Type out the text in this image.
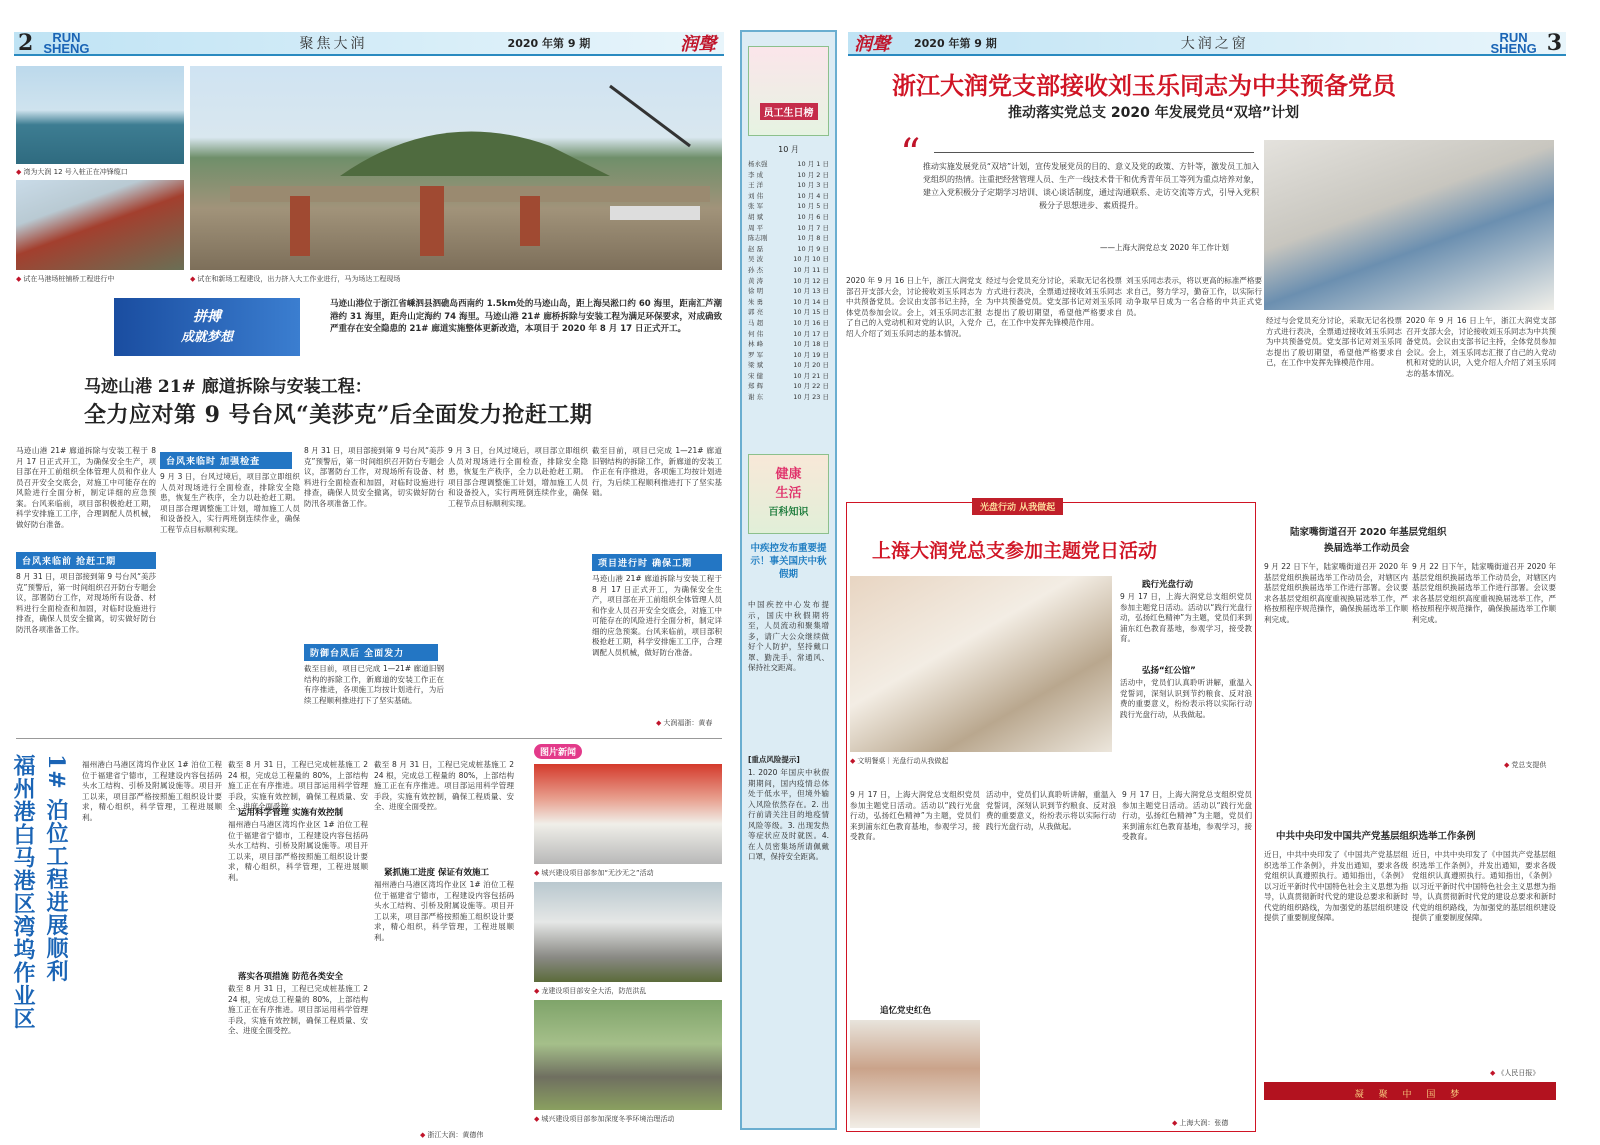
2	RUN
SHENG	聚焦大润	2020 年第 9 期	润聲
◆ 湾为大润 12 号入桩正在冲锋缆口
◆ 试在马港场桩铺桥工程进行中
◆	试在和新场工程建设，出力挤入大工作业进行，马为场达工程现场
拼搏
成就梦想
马迹山港位于浙江省嵊泗县泗礁岛西南约 1.5km处的马迹山岛，距上海吴淞口约 60 海里，距南汇芦潮港约 31 海里，距舟山定海约 74 海里。马迹山港 21# 廊桥拆除与安装工程为满足环保要求，对成确致严重存在安全隐患的 21# 廊道实施整体更新改造，本项目于 2020 年 8 月 17 日正式开工。
马迹山港 21# 廊道拆除与安装工程：
全力应对第 9 号台风“美莎克”后全面发力抢赶工期
马迹山港 21# 廊道拆除与安装工程于 8 月 17 日正式开工，为确保安全生产，项目部在开工前组织全体管理人员和作业人员召开安全交底会，对施工中可能存在的风险进行全面分析，制定详细的应急预案。台风来临前，项目部积极抢赶工期，科学安排施工工序，合理调配人员机械，做好防台准备。
台风来临前 抢赶工期
8 月 31 日，项目部接到第 9 号台风“美莎克”预警后，第一时间组织召开防台专题会议，部署防台工作，对现场所有设备、材料进行全面检查和加固，对临时设施进行排查，确保人员安全撤离，切实做好防台防汛各项准备工作。
台风来临时 加强检查
9 月 3 日，台风过境后，项目部立即组织人员对现场进行全面检查，排除安全隐患，恢复生产秩序，全力以赴抢赶工期。项目部合理调整施工计划，增加施工人员和设备投入，实行两班倒连续作业，确保工程节点目标顺利实现。
8 月 31 日，项目部接到第 9 号台风“美莎克”预警后，第一时间组织召开防台专题会议，部署防台工作，对现场所有设备、材料进行全面检查和加固，对临时设施进行排查，确保人员安全撤离，切实做好防台防汛各项准备工作。
防御台风后 全面发力
截至目前，项目已完成 1—21# 廊道旧钢结构的拆除工作，新廊道的安装工作正在有序推进，各项施工均按计划进行，为后续工程顺利推进打下了坚实基础。
9 月 3 日，台风过境后，项目部立即组织人员对现场进行全面检查，排除安全隐患，恢复生产秩序，全力以赴抢赶工期。项目部合理调整施工计划，增加施工人员和设备投入，实行两班倒连续作业，确保工程节点目标顺利实现。
截至目前，项目已完成 1—21# 廊道旧钢结构的拆除工作，新廊道的安装工作正在有序推进，各项施工均按计划进行，为后续工程顺利推进打下了坚实基础。
项目进行时 确保工期
马迹山港 21# 廊道拆除与安装工程于 8 月 17 日正式开工，为确保安全生产，项目部在开工前组织全体管理人员和作业人员召开安全交底会，对施工中可能存在的风险进行全面分析，制定详细的应急预案。台风来临前，项目部积极抢赶工期，科学安排施工工序，合理调配人员机械，做好防台准备。
◆ 大润福浙：黄春
1# 泊位工程进展顺利
福州港白马港区湾坞作业区	福州港白马港区湾坞作业区 1# 泊位工程位于福建省宁德市，工程建设内容包括码头水工结构、引桥及附属设施等。项目开工以来，项目部严格按照施工组织设计要求，精心组织，科学管理，工程进展顺利。
截至 8 月 31 日，工程已完成桩基施工 224 根，完成总工程量的 80%，上部结构施工正在有序推进。项目部运用科学管理手段，实施有效控制，确保工程质量、安全、进度全面受控。
运用科学管理 实施有效控制
福州港白马港区湾坞作业区 1# 泊位工程位于福建省宁德市，工程建设内容包括码头水工结构、引桥及附属设施等。项目开工以来，项目部严格按照施工组织设计要求，精心组织，科学管理，工程进展顺利。
落实各项措施 防范各类安全
截至 8 月 31 日，工程已完成桩基施工 224 根，完成总工程量的 80%，上部结构施工正在有序推进。项目部运用科学管理手段，实施有效控制，确保工程质量、安全、进度全面受控。
截至 8 月 31 日，工程已完成桩基施工 224 根，完成总工程量的 80%，上部结构施工正在有序推进。项目部运用科学管理手段，实施有效控制，确保工程质量、安全、进度全面受控。
紧抓施工进度 保证有效施工
福州港白马港区湾坞作业区 1# 泊位工程位于福建省宁德市，工程建设内容包括码头水工结构、引桥及附属设施等。项目开工以来，项目部严格按照施工组织设计要求，精心组织，科学管理，工程进展顺利。
◆ 浙江大润：黄德伟
图片新闻
◆ 城兴建设项目部参加“无沙无之”活动
◆ 龙建设项目部安全大活，防范洪乱
◆ 城兴建设项目部参加深度冬季环境治理活动
员工生日榜
10 月
杨永强	10 月 1 日
李 成	10 月 2 日
王 洋	10 月 3 日
刘 伟	10 月 4 日
张 军	10 月 5 日
胡 斌	10 月 6 日
周 平	10 月 7 日
陈志刚	10 月 8 日
赵 磊	10 月 9 日
吴 波	10 月 10 日
孙 杰	10 月 11 日
黄 涛	10 月 12 日
徐 明	10 月 13 日
朱 勇	10 月 14 日
郭 亮	10 月 15 日
马 超	10 月 16 日
何 伟	10 月 17 日
林 峰	10 月 18 日
罗 军	10 月 19 日
梁 斌	10 月 20 日
宋 健	10 月 21 日
郑 辉	10 月 22 日
谢 东	10 月 23 日
健康
生活
百科知识
中疾控发布重要提示！事关国庆中秋假期
中国疾控中心发布提示，国庆中秋假期将至，人员流动和聚集增多，请广大公众继续做好个人防护，坚持戴口罩、勤洗手、常通风、保持社交距离。
[重点风险提示]
1. 2020 年国庆中秋假期期间，国内疫情总体处于低水平，但境外输入风险依然存在。2. 出行前请关注目的地疫情风险等级。3. 出现发热等症状应及时就医。4. 在人员密集场所请佩戴口罩，保持安全距离。
润聲 2020 年第 9 期	大润之窗	RUN
SHENG 3
浙江大润党支部接收刘玉乐同志为中共预备党员
推动落实党总支 2020 年发展党员“双培”计划
“ 推动实施发展党员“双培”计划，宣传发展党员的目的、意义及党的政策、方针等，激发员工加入党组织的热情。注重把经营管理人员、生产一线技术骨干和优秀青年员工等列为重点培养对象，建立入党积极分子定期学习培训、谈心谈话制度，通过沟通联系、走访交流等方式，引导入党积极分子思想进步、素质提升。
——上海大润党总支 2020 年工作计划
2020 年 9 月 16 日上午，浙江大润党支部召开支部大会，讨论接收刘玉乐同志为中共预备党员。会议由支部书记主持，全体党员参加会议。会上，刘玉乐同志汇报了自己的入党动机和对党的认识，入党介绍人介绍了刘玉乐同志的基本情况。
经过与会党员充分讨论，采取无记名投票方式进行表决，全票通过接收刘玉乐同志为中共预备党员。党支部书记对刘玉乐同志提出了殷切期望，希望他严格要求自己，在工作中发挥先锋模范作用。
刘玉乐同志表示，将以更高的标准严格要求自己，努力学习，勤奋工作，以实际行动争取早日成为一名合格的中共正式党员。
经过与会党员充分讨论，采取无记名投票方式进行表决，全票通过接收刘玉乐同志为中共预备党员。党支部书记对刘玉乐同志提出了殷切期望，希望他严格要求自己，在工作中发挥先锋模范作用。
2020 年 9 月 16 日上午，浙江大润党支部召开支部大会，讨论接收刘玉乐同志为中共预备党员。会议由支部书记主持，全体党员参加会议。会上，刘玉乐同志汇报了自己的入党动机和对党的认识，入党介绍人介绍了刘玉乐同志的基本情况。
光盘行动 从我做起
上海大润党总支参加主题党日活动
◆ 文明餐桌｜光盘行动从我做起
践行光盘行动
9 月 17 日，上海大润党总支组织党员参加主题党日活动。活动以“践行光盘行动，弘扬红色精神”为主题，党员们来到浦东红色教育基地，参观学习，接受教育。
弘扬“红公馆”
活动中，党员们认真聆听讲解，重温入党誓词，深刻认识到节约粮食、反对浪费的重要意义，纷纷表示将以实际行动践行光盘行动，从我做起。
9 月 17 日，上海大润党总支组织党员参加主题党日活动。活动以“践行光盘行动，弘扬红色精神”为主题，党员们来到浦东红色教育基地，参观学习，接受教育。
追忆党史红色
活动中，党员们认真聆听讲解，重温入党誓词，深刻认识到节约粮食、反对浪费的重要意义，纷纷表示将以实际行动践行光盘行动，从我做起。
9 月 17 日，上海大润党总支组织党员参加主题党日活动。活动以“践行光盘行动，弘扬红色精神”为主题，党员们来到浦东红色教育基地，参观学习，接受教育。
◆ 上海大润：张德
陆家嘴街道召开 2020 年基层党组织
换届选举工作动员会
9 月 22 日下午，陆家嘴街道召开 2020 年基层党组织换届选举工作动员会，对辖区内基层党组织换届选举工作进行部署。会议要求各基层党组织高度重视换届选举工作，严格按照程序规范操作，确保换届选举工作顺利完成。
9 月 22 日下午，陆家嘴街道召开 2020 年基层党组织换届选举工作动员会，对辖区内基层党组织换届选举工作进行部署。会议要求各基层党组织高度重视换届选举工作，严格按照程序规范操作，确保换届选举工作顺利完成。
◆ 党总支提供
中共中央印发中国共产党基层组织选举工作条例
近日，中共中央印发了《中国共产党基层组织选举工作条例》，并发出通知，要求各级党组织认真遵照执行。通知指出，《条例》以习近平新时代中国特色社会主义思想为指导，认真贯彻新时代党的建设总要求和新时代党的组织路线，为加强党的基层组织建设提供了重要制度保障。
近日，中共中央印发了《中国共产党基层组织选举工作条例》，并发出通知，要求各级党组织认真遵照执行。通知指出，《条例》以习近平新时代中国特色社会主义思想为指导，认真贯彻新时代党的建设总要求和新时代党的组织路线，为加强党的基层组织建设提供了重要制度保障。
◆ 《人民日报》
凝 聚 中 国 梦
